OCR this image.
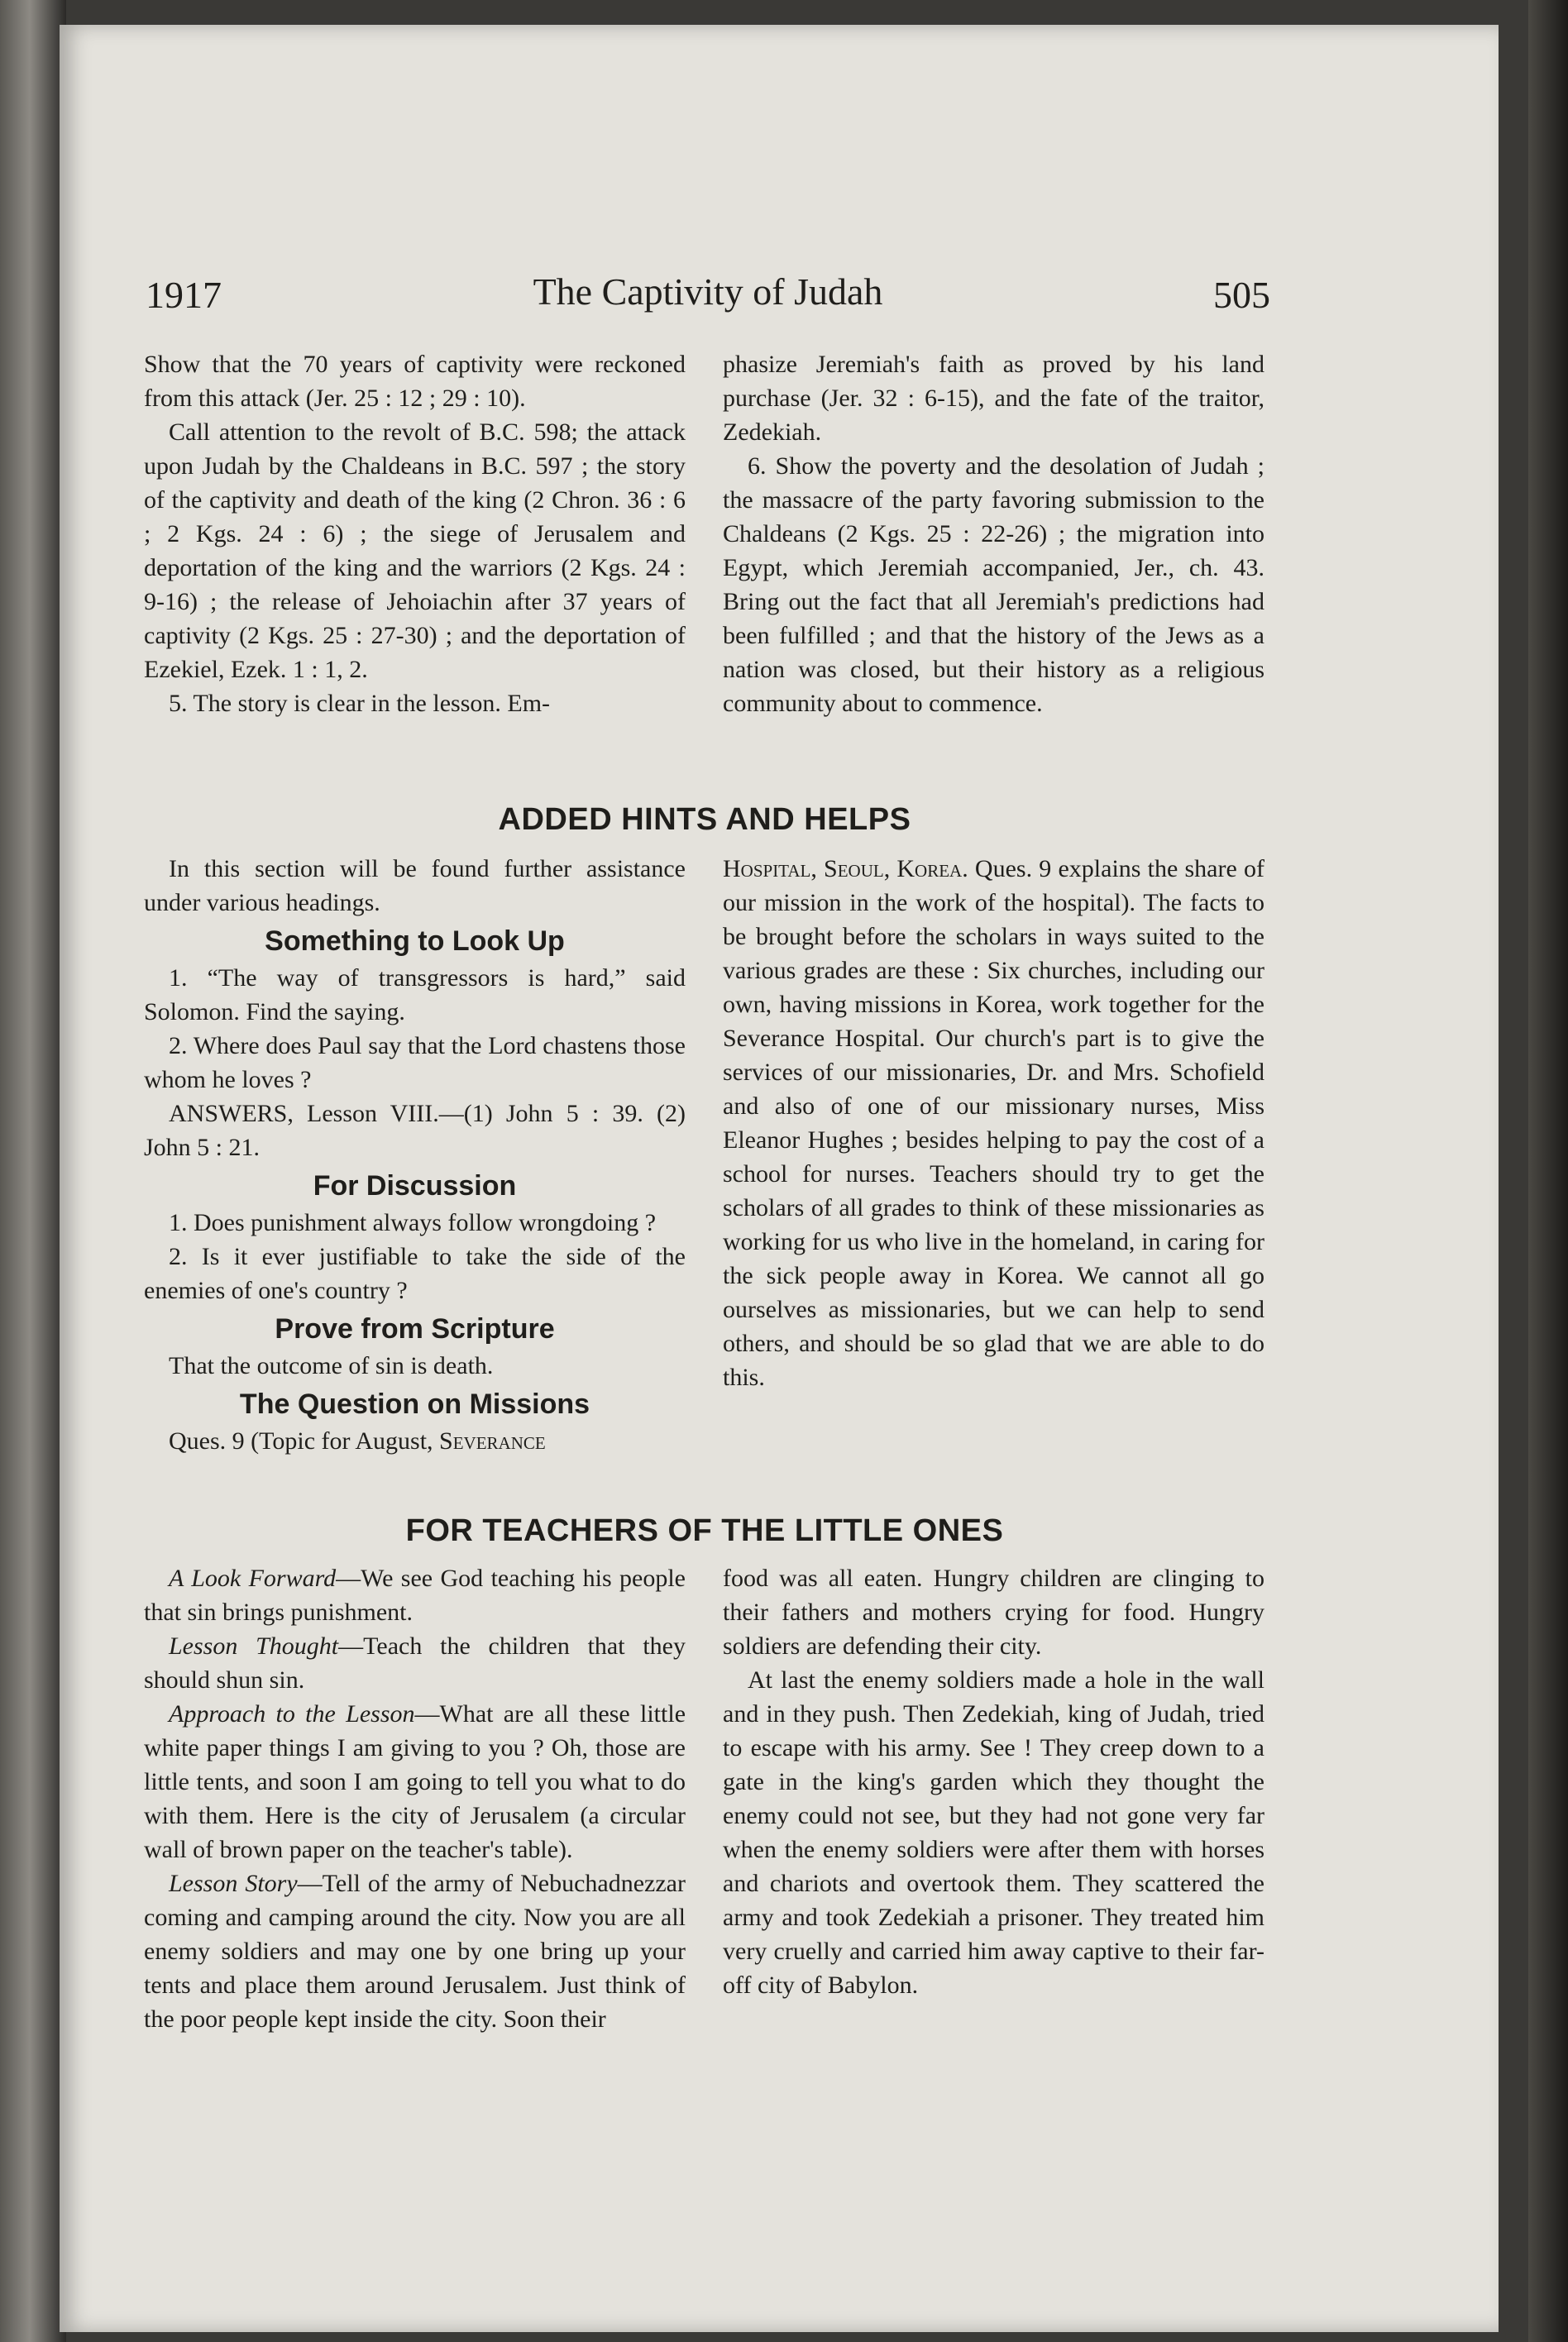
1917	The Captivity of Judah	505

Show that the 70 years of captivity were reckoned from this attack (Jer. 25 : 12 ; 29 : 10).

Call attention to the revolt of B.C. 598; the attack upon Judah by the Chaldeans in B.C. 597 ; the story of the captivity and death of the king (2 Chron. 36 : 6 ; 2 Kgs. 24 : 6) ; the siege of Jerusalem and deportation of the king and the warriors (2 Kgs. 24 : 9-16) ; the release of Jehoiachin after 37 years of captivity (2 Kgs. 25 : 27-30) ; and the deportation of Ezekiel, Ezek. 1 : 1, 2.

5. The story is clear in the lesson. Em-

phasize Jeremiah's faith as proved by his land purchase (Jer. 32 : 6-15), and the fate of the traitor, Zedekiah.

6. Show the poverty and the desolation of Judah ; the massacre of the party favoring submission to the Chaldeans (2 Kgs. 25 : 22-26) ; the migration into Egypt, which Jeremiah accompanied, Jer., ch. 43. Bring out the fact that all Jeremiah's predictions had been fulfilled ; and that the history of the Jews as a nation was closed, but their history as a religious community about to commence.

ADDED HINTS AND HELPS

In this section will be found further assistance under various headings.

Something to Look Up

1. “The way of transgressors is hard,” said Solomon. Find the saying.

2. Where does Paul say that the Lord chastens those whom he loves ?

ANSWERS, Lesson VIII.—(1) John 5 : 39. (2) John 5 : 21.

For Discussion

1. Does punishment always follow wrongdoing ?

2. Is it ever justifiable to take the side of the enemies of one's country ?

Prove from Scripture

That the outcome of sin is death.

The Question on Missions

Ques. 9 (Topic for August, Severance

Hospital, Seoul, Korea. Ques. 9 explains the share of our mission in the work of the hospital). The facts to be brought before the scholars in ways suited to the various grades are these : Six churches, including our own, having missions in Korea, work together for the Severance Hospital. Our church's part is to give the services of our missionaries, Dr. and Mrs. Schofield and also of one of our missionary nurses, Miss Eleanor Hughes ; besides helping to pay the cost of a school for nurses. Teachers should try to get the scholars of all grades to think of these missionaries as working for us who live in the homeland, in caring for the sick people away in Korea. We cannot all go ourselves as missionaries, but we can help to send others, and should be so glad that we are able to do this.

FOR TEACHERS OF THE LITTLE ONES

A Look Forward—We see God teaching his people that sin brings punishment.

Lesson Thought—Teach the children that they should shun sin.

Approach to the Lesson—What are all these little white paper things I am giving to you ? Oh, those are little tents, and soon I am going to tell you what to do with them. Here is the city of Jerusalem (a circular wall of brown paper on the teacher's table).

Lesson Story—Tell of the army of Nebuchadnezzar coming and camping around the city. Now you are all enemy soldiers and may one by one bring up your tents and place them around Jerusalem. Just think of the poor people kept inside the city. Soon their

food was all eaten. Hungry children are clinging to their fathers and mothers crying for food. Hungry soldiers are defending their city.

At last the enemy soldiers made a hole in the wall and in they push. Then Zedekiah, king of Judah, tried to escape with his army. See ! They creep down to a gate in the king's garden which they thought the enemy could not see, but they had not gone very far when the enemy soldiers were after them with horses and chariots and overtook them. They scattered the army and took Zedekiah a prisoner. They treated him very cruelly and carried him away captive to their far-off city of Babylon.
